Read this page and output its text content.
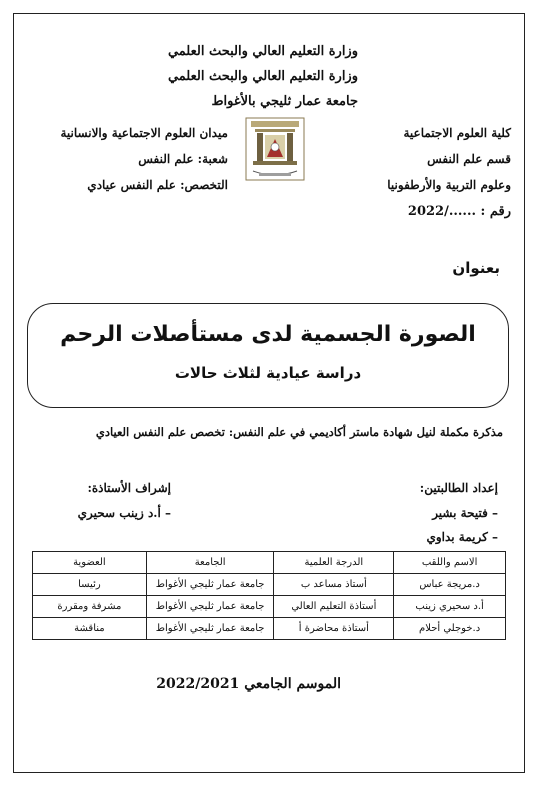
وزارة التعليم العالي والبحث العلمي
وزارة التعليم العالي والبحث العلمي
جامعة عمار ثليجي بالأغواط
كلية العلوم الاجتماعية
قسم علم النفس
وعلوم التربية والأرطفونيا
رقم : ....../2022
ميدان العلوم الاجتماعية والانسانية
شعبة: علم النفس
التخصص: علم النفس عيادي
بعنوان
الصورة الجسمية لدى مستأصلات الرحم
دراسة عيادية لثلاث حالات
مذكرة مكملة لنيل شهادة ماستر أكاديمي في علم النفس: تخصص علم النفس العيادي
إعداد الطالبتين:
– فتيحة بشير
– كريمة بداوي
إشراف الأستاذة:
– أ.د زينب سحيري
الاسم واللقب	الدرجة العلمية	الجامعة	العضوية
د.مريجة عباس	أستاذ مساعد ب	جامعة عمار ثليجي الأغواط	رئيسا
أ.د سحيري زينب	أستاذة التعليم العالي	جامعة عمار ثليجي الأغواط	مشرفة ومقررة
د.خوجلي أحلام	أستاذة محاضرة أ	جامعة عمار ثليجي الأغواط	مناقشة
الموسم الجامعي 2022/2021
